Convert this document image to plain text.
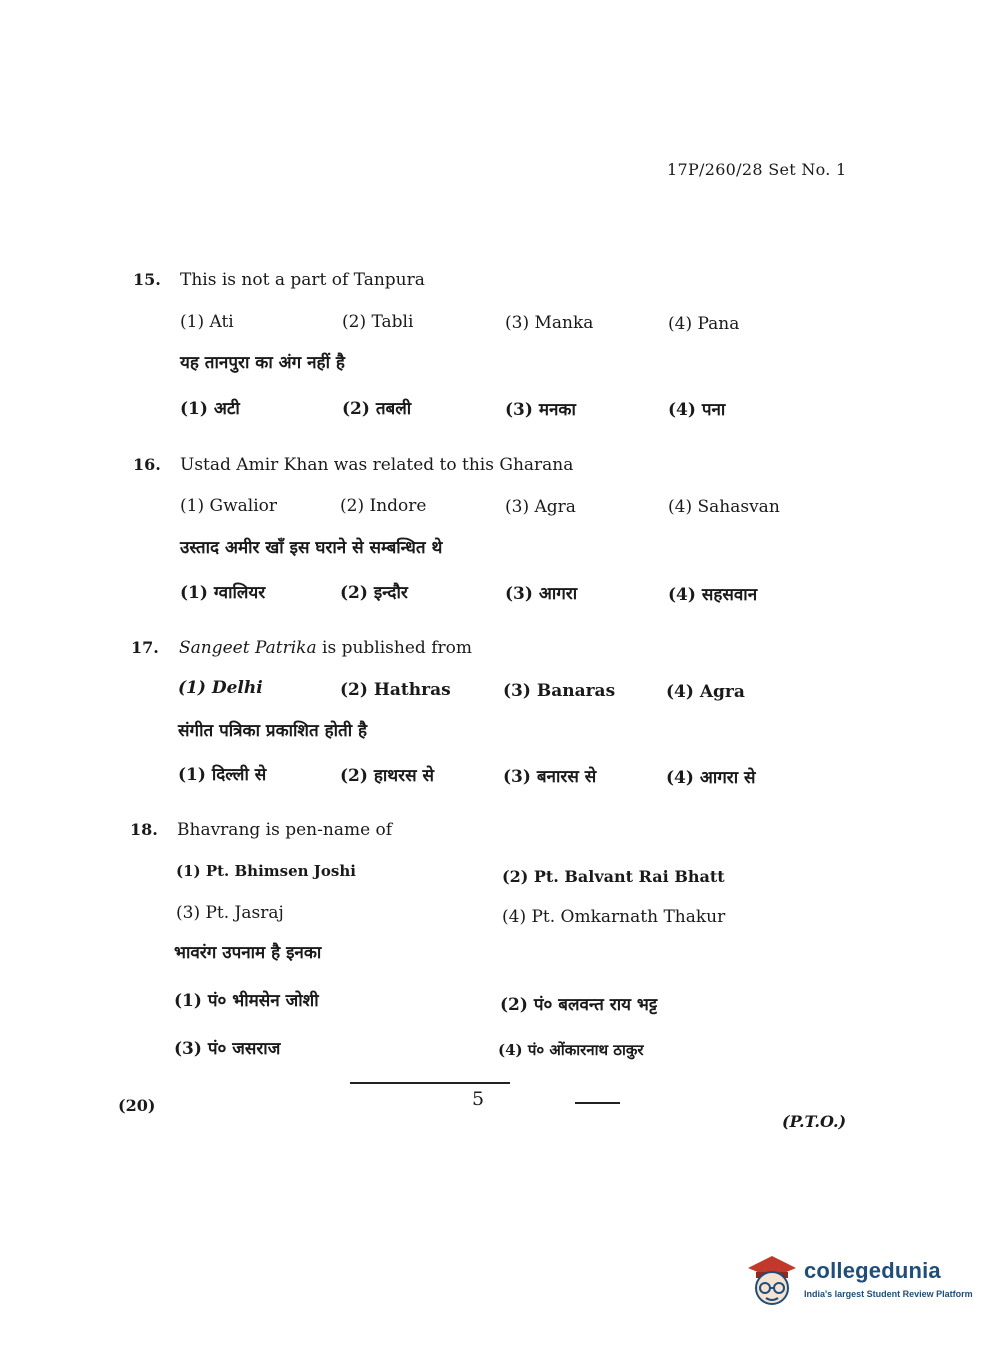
17P/260/28 Set No. 1
15. This is not a part of Tanpura
(1) Ati	(2) Tabli	(3) Manka	(4) Pana
यह तानपुरा का अंग नहीं है
(1) अटी	(2) तबली	(3) मनका	(4) पना
16. Ustad Amir Khan was related to this Gharana
(1) Gwalior	(2) Indore	(3) Agra	(4) Sahasvan
उस्ताद अमीर खाँ इस घराने से सम्बन्धित थे
(1) ग्वालियर	(2) इन्दौर	(3) आगरा	(4) सहसवान
17. Sangeet Patrika is published from
(1) Delhi	(2) Hathras	(3) Banaras	(4) Agra
संगीत पत्रिका प्रकाशित होती है
(1) दिल्ली से	(2) हाथरस से	(3) बनारस से	(4) आगरा से
18. Bhavrang is pen-name of
(1) Pt. Bhimsen Joshi	(2) Pt. Balvant Rai Bhatt
(3) Pt. Jasraj	(4) Pt. Omkarnath Thakur
भावरंग उपनाम है इनका
(1) पं० भीमसेन जोशी	(2) पं० बलवन्त राय भट्ट
(3) पं० जसराज	(4) पं० ओंकारनाथ ठाकुर
(20)	5
(P.T.O.)
collegedunia
India's largest Student Review Platform
